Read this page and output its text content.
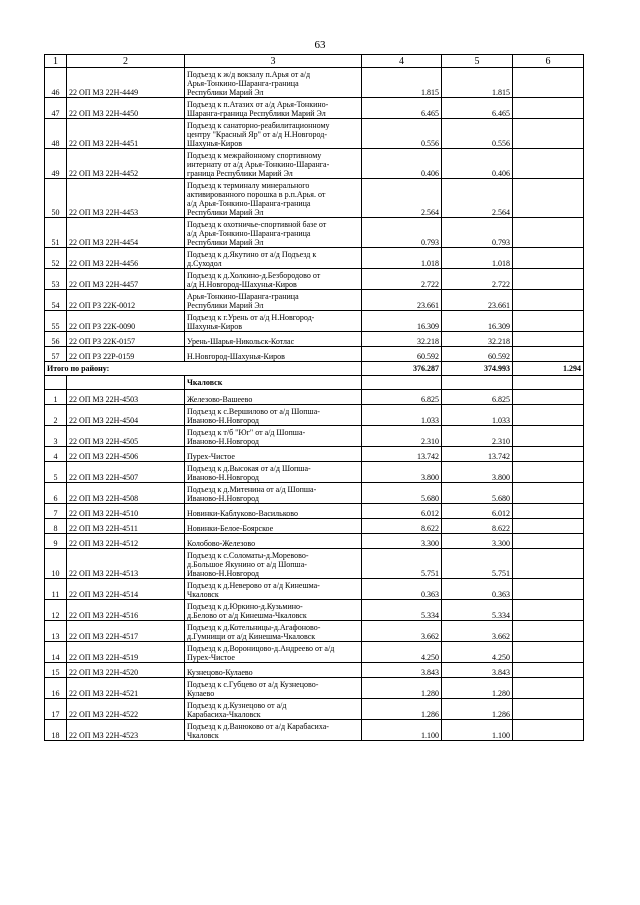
63
1	2	3	4	5	6
46	22 ОП МЗ 22Н-4449	Подъезд к ж/д вокзалу п.Арья от а/д
Арья-Тонкино-Шаранга-граница
Республики Марий Эл	1.815	1.815	
47	22 ОП МЗ 22Н-4450	Подъезд к п.Атазих от а/д Арья-Тонкино-
Шаранга-граница Республики Марий Эл	6.465	6.465	
48	22 ОП МЗ 22Н-4451	Подъезд к санаторно-реабилитационному
центру "Красный Яр" от а/д Н.Новгород-
Шахунья-Киров	0.556	0.556	
49	22 ОП МЗ 22Н-4452	Подъезд к межрайонному спортивному
интернату от а/д Арья-Тонкино-Шаранга-
граница Республики Марий Эл	0.406	0.406	
50	22 ОП МЗ 22Н-4453	Подъезд к терминалу минерального
активированного порошка в р.п.Арья. от
а/д Арья-Тонкино-Шаранга-граница
Республики Марий Эл	2.564	2.564	
51	22 ОП МЗ 22Н-4454	Подъезд к охотничье-спортивной базе от
а/д Арья-Тонкино-Шаранга-граница
Республики Марий Эл	0.793	0.793	
52	22 ОП МЗ 22Н-4456	Подъезд к д.Якутино от а/д Подъезд к
д.Суходол	1.018	1.018	
53	22 ОП МЗ 22Н-4457	Подъезд к д.Холкино-д.Безбородово от
а/д Н.Новгород-Шахунья-Киров	2.722	2.722	
54	22 ОП РЗ 22К-0012	Арья-Тонкино-Шаранга-граница
Республики Марий Эл	23.661	23.661	
55	22 ОП РЗ 22К-0090	Подъезд к г.Урень от а/д Н.Новгород-
Шахунья-Киров	16.309	16.309	
56	22 ОП РЗ 22К-0157	Урень-Шарья-Никольск-Котлас	32.218	32.218	
57	22 ОП РЗ 22Р-0159	Н.Новгород-Шахунья-Киров	60.592	60.592	
Итого по району:			376.287	374.993	1.294
		Чкаловск			
1	22 ОП МЗ 22Н-4503	Железово-Вашеево	6.825	6.825	
2	22 ОП МЗ 22Н-4504	Подъезд к с.Вершилово от а/д Шопша-
Иваново-Н.Новгород	1.033	1.033	
3	22 ОП МЗ 22Н-4505	Подъезд к т/б "Юг" от а/д Шопша-
Иваново-Н.Новгород	2.310	2.310	
4	22 ОП МЗ 22Н-4506	Пурех-Чистое	13.742	13.742	
5	22 ОП МЗ 22Н-4507	Подъезд к д.Высокая от а/д Шопша-
Иваново-Н.Новгород	3.800	3.800	
6	22 ОП МЗ 22Н-4508	Подъезд к д.Митенина от а/д Шопша-
Иваново-Н.Новгород	5.680	5.680	
7	22 ОП МЗ 22Н-4510	Новинки-Каблуково-Васильково	6.012	6.012	
8	22 ОП МЗ 22Н-4511	Новинки-Белое-Боярское	8.622	8.622	
9	22 ОП МЗ 22Н-4512	Колобово-Железово	3.300	3.300	
10	22 ОП МЗ 22Н-4513	Подъезд к с.Соломаты-д.Моревово-
д.Большое Якунино от а/д Шопша-
Иваново-Н.Новгород	5.751	5.751	
11	22 ОП МЗ 22Н-4514	Подъезд к д.Неверово от а/д Кинешма-
Чкаловск	0.363	0.363	
12	22 ОП МЗ 22Н-4516	Подъезд к д.Юркино-д.Кузьмино-
д.Белово от а/д Кинешма-Чкаловск	5.334	5.334	
13	22 ОП МЗ 22Н-4517	Подъезд к д.Котельницы-д.Агафоново-
д.Гумнищи от а/д Кинешма-Чкаловск	3.662	3.662	
14	22 ОП МЗ 22Н-4519	Подъезд к д.Вороницово-д.Андреево от а/д
Пурех-Чистое	4.250	4.250	
15	22 ОП МЗ 22Н-4520	Кузнецово-Кулаево	3.843	3.843	
16	22 ОП МЗ 22Н-4521	Подъезд к с.Губцево от а/д Кузнецово-
Кулаево	1.280	1.280	
17	22 ОП МЗ 22Н-4522	Подъезд к д.Кузнецово от а/д
Карабасиха-Чкаловск	1.286	1.286	
18	22 ОП МЗ 22Н-4523	Подъезд к д.Ванюково от а/д Карабасиха-
Чкаловск	1.100	1.100	
